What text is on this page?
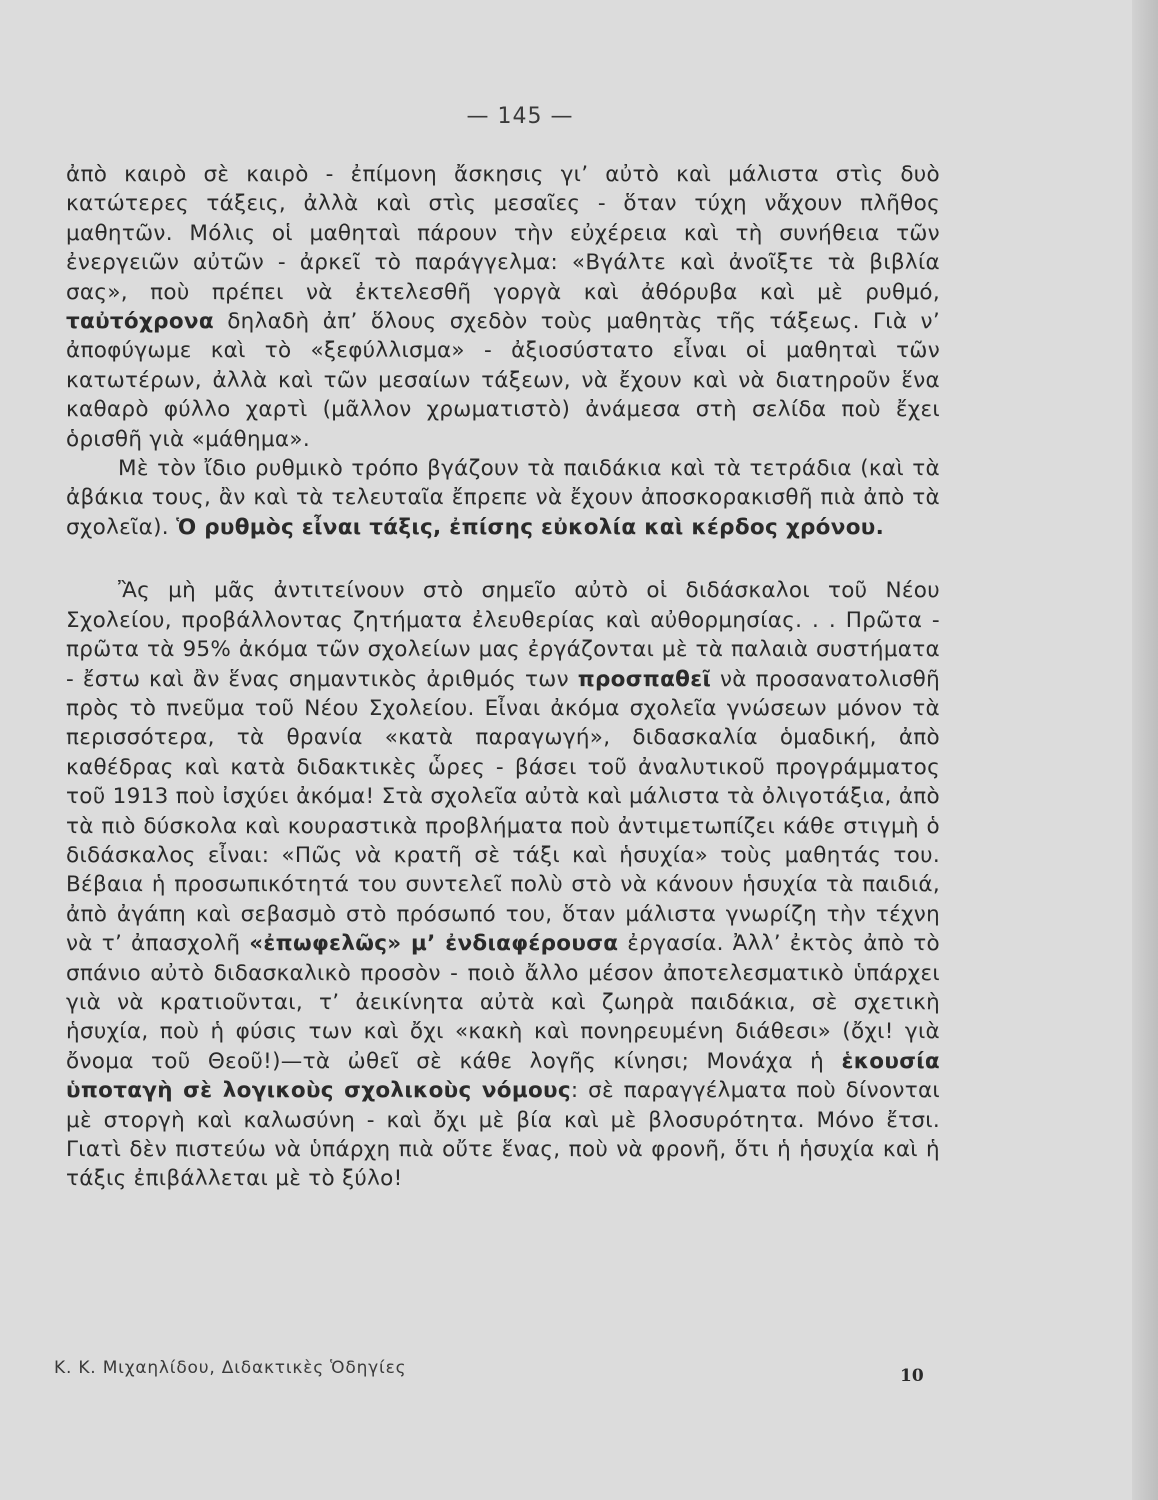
— 145 —

ἀπὸ καιρὸ σὲ καιρὸ - ἐπίμονη ἄσκησις γι’ αὐτὸ καὶ μάλιστα στὶς δυὸ κατώτερες τάξεις, ἀλλὰ καὶ στὶς μεσαῖες - ὅταν τύχη νἄχουν πλῆθος μαθητῶν. Μόλις οἱ μαθηταὶ πάρουν τὴν εὐχέρεια καὶ τὴ συνήθεια τῶν ἐνεργειῶν αὐτῶν - ἀρκεῖ τὸ παράγγελμα: «Βγάλτε καὶ ἀνοῖξτε τὰ βιβλία σας», ποὺ πρέπει νὰ ἐκτελεσθῆ γοργὰ καὶ ἀθόρυβα καὶ μὲ ρυθμό, ταὐτόχρονα δηλαδὴ ἀπ’ ὅλους σχεδὸν τοὺς μαθητὰς τῆς τάξεως. Γιὰ ν’ ἀποφύγωμε καὶ τὸ «ξεφύλλισμα» - ἀξιοσύστατο εἶναι οἱ μαθηταὶ τῶν κατωτέρων, ἀλλὰ καὶ τῶν μεσαίων τάξεων, νὰ ἔχουν καὶ νὰ διατηροῦν ἕνα καθαρὸ φύλλο χαρτὶ (μᾶλλον χρωματιστὸ) ἀνάμεσα στὴ σελίδα ποὺ ἔχει ὁρισθῆ γιὰ «μάθημα».

Μὲ τὸν ἴδιο ρυθμικὸ τρόπο βγάζουν τὰ παιδάκια καὶ τὰ τετράδια (καὶ τὰ ἀβάκια τους, ἂν καὶ τὰ τελευταῖα ἔπρεπε νὰ ἔχουν ἀποσκορακισθῆ πιὰ ἀπὸ τὰ σχολεῖα). Ὁ ρυθμὸς εἶναι τάξις, ἐπίσης εὐκολία καὶ κέρδος χρόνου.

Ἂς μὴ μᾶς ἀντιτείνουν στὸ σημεῖο αὐτὸ οἱ διδάσκαλοι τοῦ Νέου Σχολείου, προβάλλοντας ζητήματα ἐλευθερίας καὶ αὐθορμησίας. . . Πρῶτα - πρῶτα τὰ 95% ἀκόμα τῶν σχολείων μας ἐργάζονται μὲ τὰ παλαιὰ συστήματα - ἔστω καὶ ἂν ἕνας σημαντικὸς ἀριθμός των προσπαθεῖ νὰ προσανατολισθῆ πρὸς τὸ πνεῦμα τοῦ Νέου Σχολείου. Εἶναι ἀκόμα σχολεῖα γνώσεων μόνον τὰ περισσότερα, τὰ θρανία «κατὰ παραγωγή», διδασκαλία ὁμαδική, ἀπὸ καθέδρας καὶ κατὰ διδακτικὲς ὧρες - βάσει τοῦ ἀναλυτικοῦ προγράμματος τοῦ 1913 ποὺ ἰσχύει ἀκόμα! Στὰ σχολεῖα αὐτὰ καὶ μάλιστα τὰ ὀλιγοτάξια, ἀπὸ τὰ πιὸ δύσκολα καὶ κουραστικὰ προβλήματα ποὺ ἀντιμετωπίζει κάθε στιγμὴ ὁ διδάσκαλος εἶναι: «Πῶς νὰ κρατῆ σὲ τάξι καὶ ἡσυχία» τοὺς μαθητάς του. Βέβαια ἡ προσωπικότητά του συντελεῖ πολὺ στὸ νὰ κάνουν ἡσυχία τὰ παιδιά, ἀπὸ ἀγάπη καὶ σεβασμὸ στὸ πρόσωπό του, ὅταν μάλιστα γνωρίζη τὴν τέχνη νὰ τ’ ἀπασχολῆ «ἐπωφελῶς» μ’ ἐνδιαφέρουσα ἐργασία. Ἀλλ’ ἐκτὸς ἀπὸ τὸ σπάνιο αὐτὸ διδασκαλικὸ προσὸν - ποιὸ ἄλλο μέσον ἀποτελεσματικὸ ὑπάρχει γιὰ νὰ κρατιοῦνται, τ’ ἀεικίνητα αὐτὰ καὶ ζωηρὰ παιδάκια, σὲ σχετικὴ ἡσυχία, ποὺ ἡ φύσις των καὶ ὄχι «κακὴ καὶ πονηρευμένη διάθεσι» (ὄχι! γιὰ ὄνομα τοῦ Θεοῦ!)—τὰ ὠθεῖ σὲ κάθε λογῆς κίνησι; Μονάχα ἡ ἑκουσία ὑποταγὴ σὲ λογικοὺς σχολικοὺς νόμους: σὲ παραγγέλματα ποὺ δίνονται μὲ στοργὴ καὶ καλωσύνη - καὶ ὄχι μὲ βία καὶ μὲ βλοσυρότητα. Μόνο ἔτσι. Γιατὶ δὲν πιστεύω νὰ ὑπάρχη πιὰ οὔτε ἕνας, ποὺ νὰ φρονῆ, ὅτι ἡ ἡσυχία καὶ ἡ τάξις ἐπιβάλλεται μὲ τὸ ξύλο!

Κ. Κ. Μιχαηλίδου, Διδακτικὲς Ὁδηγίες	10
